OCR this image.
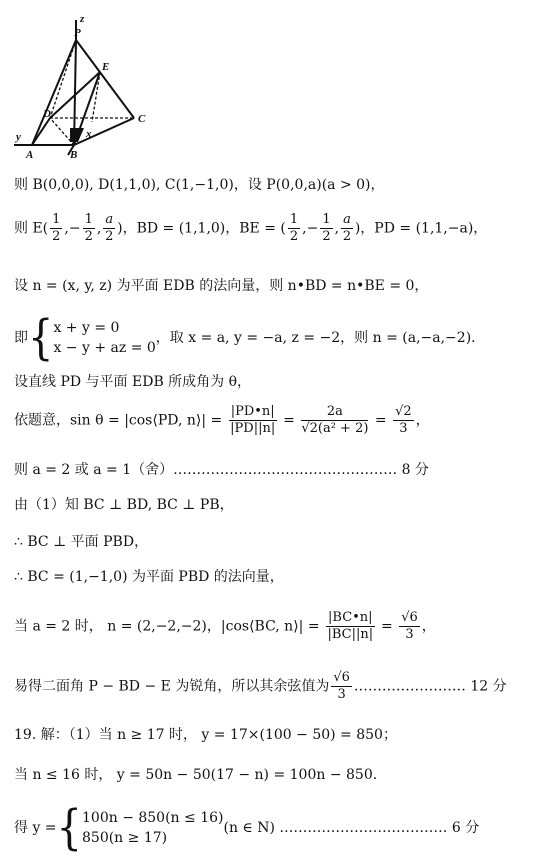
z
P
E
C
D
y
A	B
x
则 B(0,0,0), D(1,1,0), C(1,−1,0)，设 P(0,0,a)(a > 0)，
则 $E( \frac{1}{2}$ ,− $\frac{1}{2}$ , $\frac{a}{2}$ )，BD = (1,1,0)，BE = ( $\frac{1}{2}$ ,− $\frac{1}{2}$ , $\frac{a}{2}$ )，PD = (1,1,−a)，
设 n = (x, y, z) 为平面 EDB 的法向量，则 n•BD = n•BE = 0，
即{ x + y = 0
x − y + az = 0
，取 x = a, y = −a, z = −2，则 n = (a,−a,−2)．
设直线 PD 与平面 EDB 所成角为 θ，
依题意，sin θ = |cos⟨PD, n⟩| = $\frac{|PD•n|}{|PD||n|} = \frac{2a}{\text{√2(a² + 2)}} = \frac{√2}{3}$ ，
则 a = 2 或 a = 1（舍）………………………………………… 8 分
由（1）知 BC ⊥ BD, BC ⊥ PB，
∴ BC ⊥ 平面 PBD，
∴ BC = (1,−1,0) 为平面 PBD 的法向量，
当 a = 2 时， n = (2,−2,−2)，|cos⟨BC, n⟩| = $\frac{|BC•n|}{|BC||n|} = \frac{√6}{3}$ ，
易得二面角 P − BD − E 为锐角，所以其余弦值为 $\frac{√6}{3}$ …………………… 12 分
19. 解：（1）当 n ≥ 17 时， y = 17×(100 − 50) = 850；
当 n ≤ 16 时， y = 50n − 50(17 − n) = 100n − 850．
得 y ={ 100n − 850(n ≤ 16)
850(n ≥ 17)
(n ∈ N) ……………………………… 6 分
